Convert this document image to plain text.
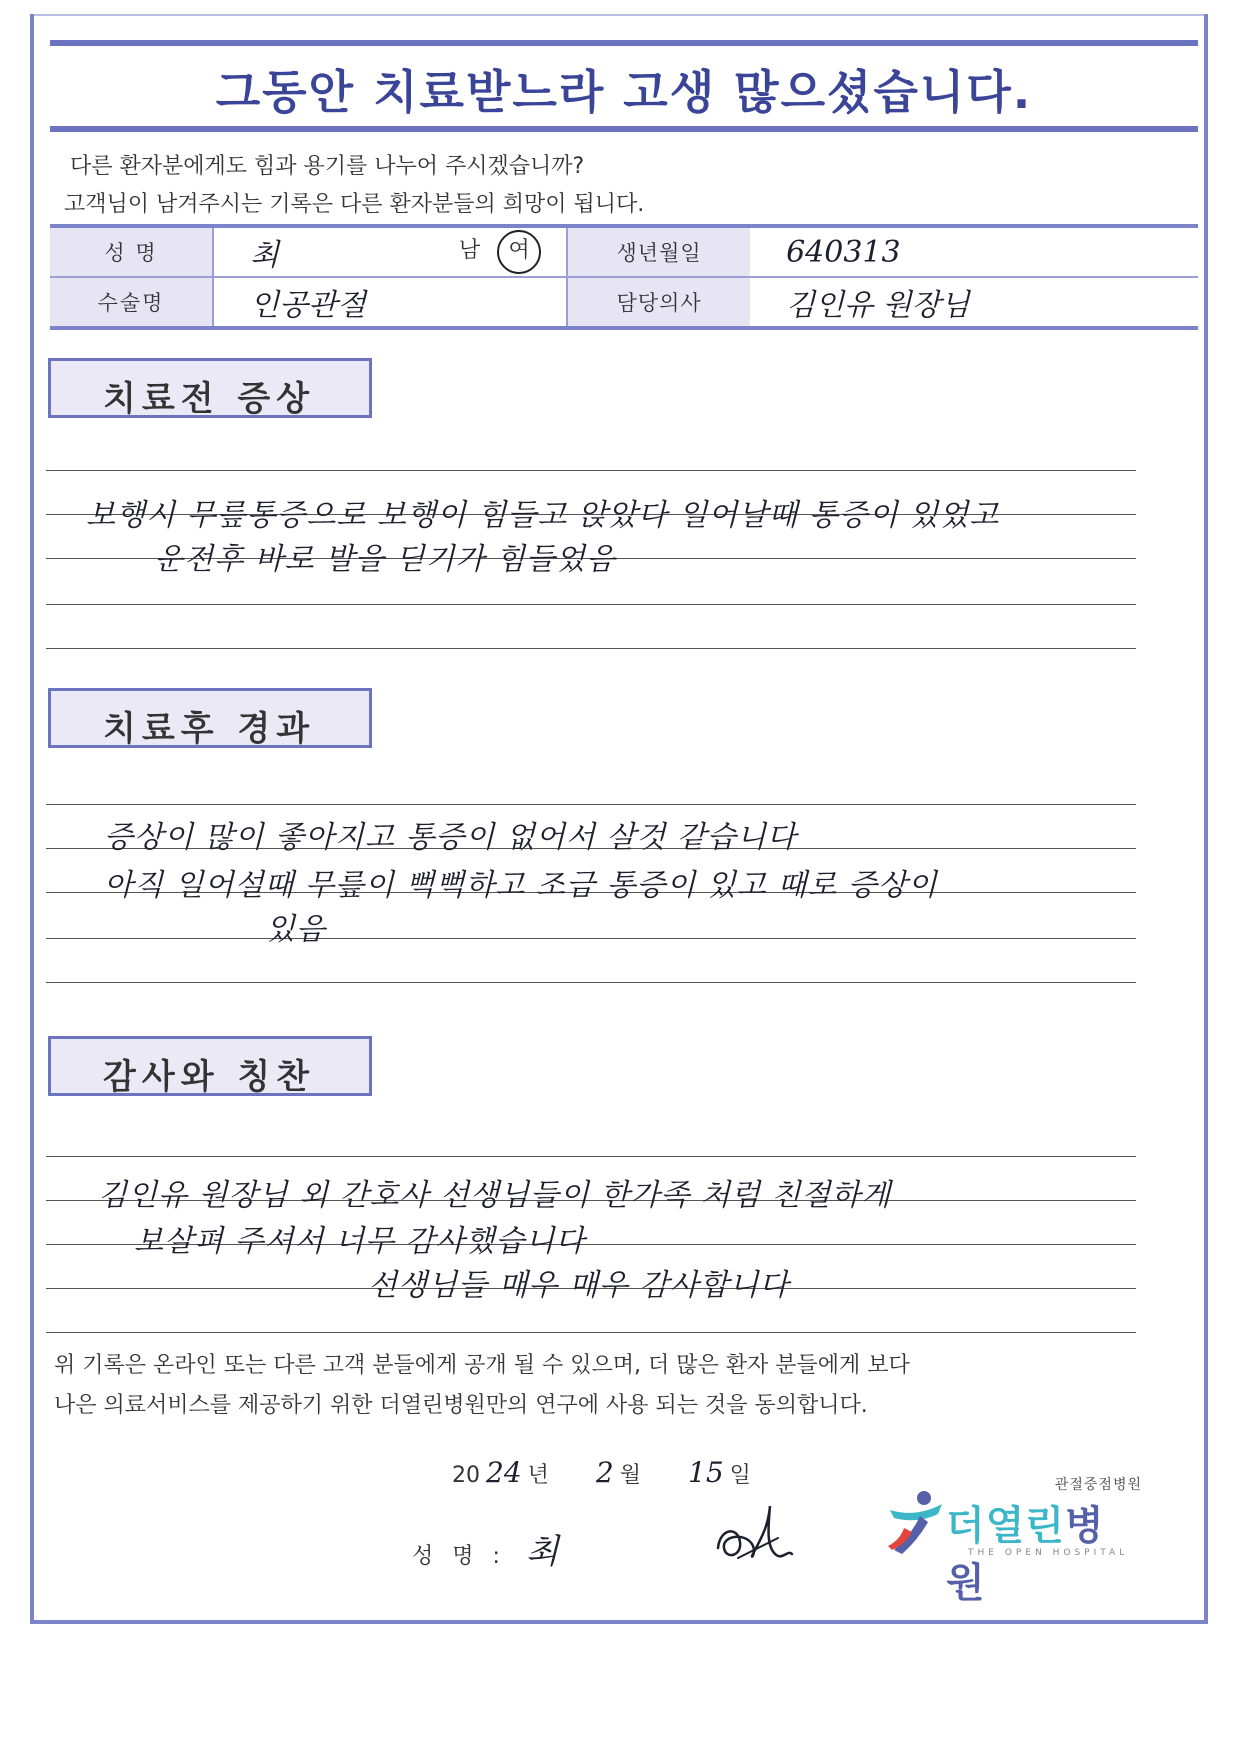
그동안 치료받느라 고생 많으셨습니다.
다른 환자분에게도 힘과 용기를 나누어 주시겠습니까?
고객님이 남겨주시는 기록은 다른 환자분들의 희망이 됩니다.
성 명	최 남 여	생년월일	640313
수술명	인공관절	담당의사	김인유 원장님
치료전 증상
보행시 무릎통증으로 보행이 힘들고 앉았다 일어날때 통증이 있었고
운전후 바로 발을 딛기가 힘들었음
치료후 경과
증상이 많이 좋아지고 통증이 없어서 살것 같습니다
아직 일어설때 무릎이 뻑뻑하고 조금 통증이 있고 때로 증상이
있음
감사와 칭찬
김인유 원장님 외 간호사 선생님들이 한가족 처럼 친절하게
보살펴 주셔서 너무 감사했습니다
선생님들 매우 매우 감사합니다
위 기록은 온라인 또는 다른 고객 분들에게 공개 될 수 있으며, 더 많은 환자 분들에게 보다
나은 의료서비스를 제공하기 위한 더열린병원만의 연구에 사용 되는 것을 동의합니다.
20 24 년 2 월 15 일
성 명 : 최
관절중점병원
더열린병원
THE OPEN HOSPITAL
